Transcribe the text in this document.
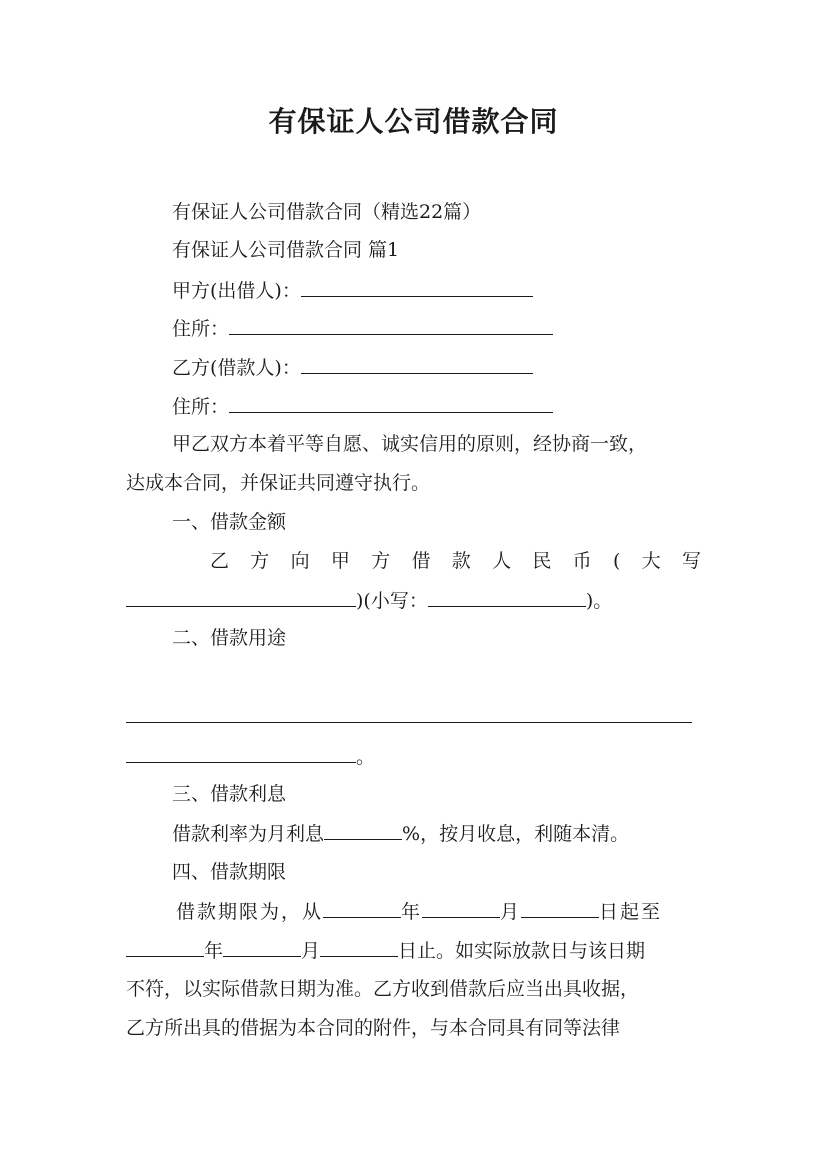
有保证人公司借款合同
有保证人公司借款合同（精选22篇）
有保证人公司借款合同 篇1
甲方(出借人)：
住所：
乙方(借款人)：
住所：
甲乙双方本着平等自愿、诚实信用的原则，经协商一致，
达成本合同，并保证共同遵守执行。
一、借款金额
乙 方 向 甲 方 借 款 人 民 币 ( 大 写
)(小写：	)。
二、借款用途
。
三、借款利息
借款利率为月利息	%，按月收息，利随本清。
四、借款期限
借款期限为，从	年	月	日起至
年	月	日止。如实际放款日与该日期
不符，以实际借款日期为准。乙方收到借款后应当出具收据，
乙方所出具的借据为本合同的附件，与本合同具有同等法律
